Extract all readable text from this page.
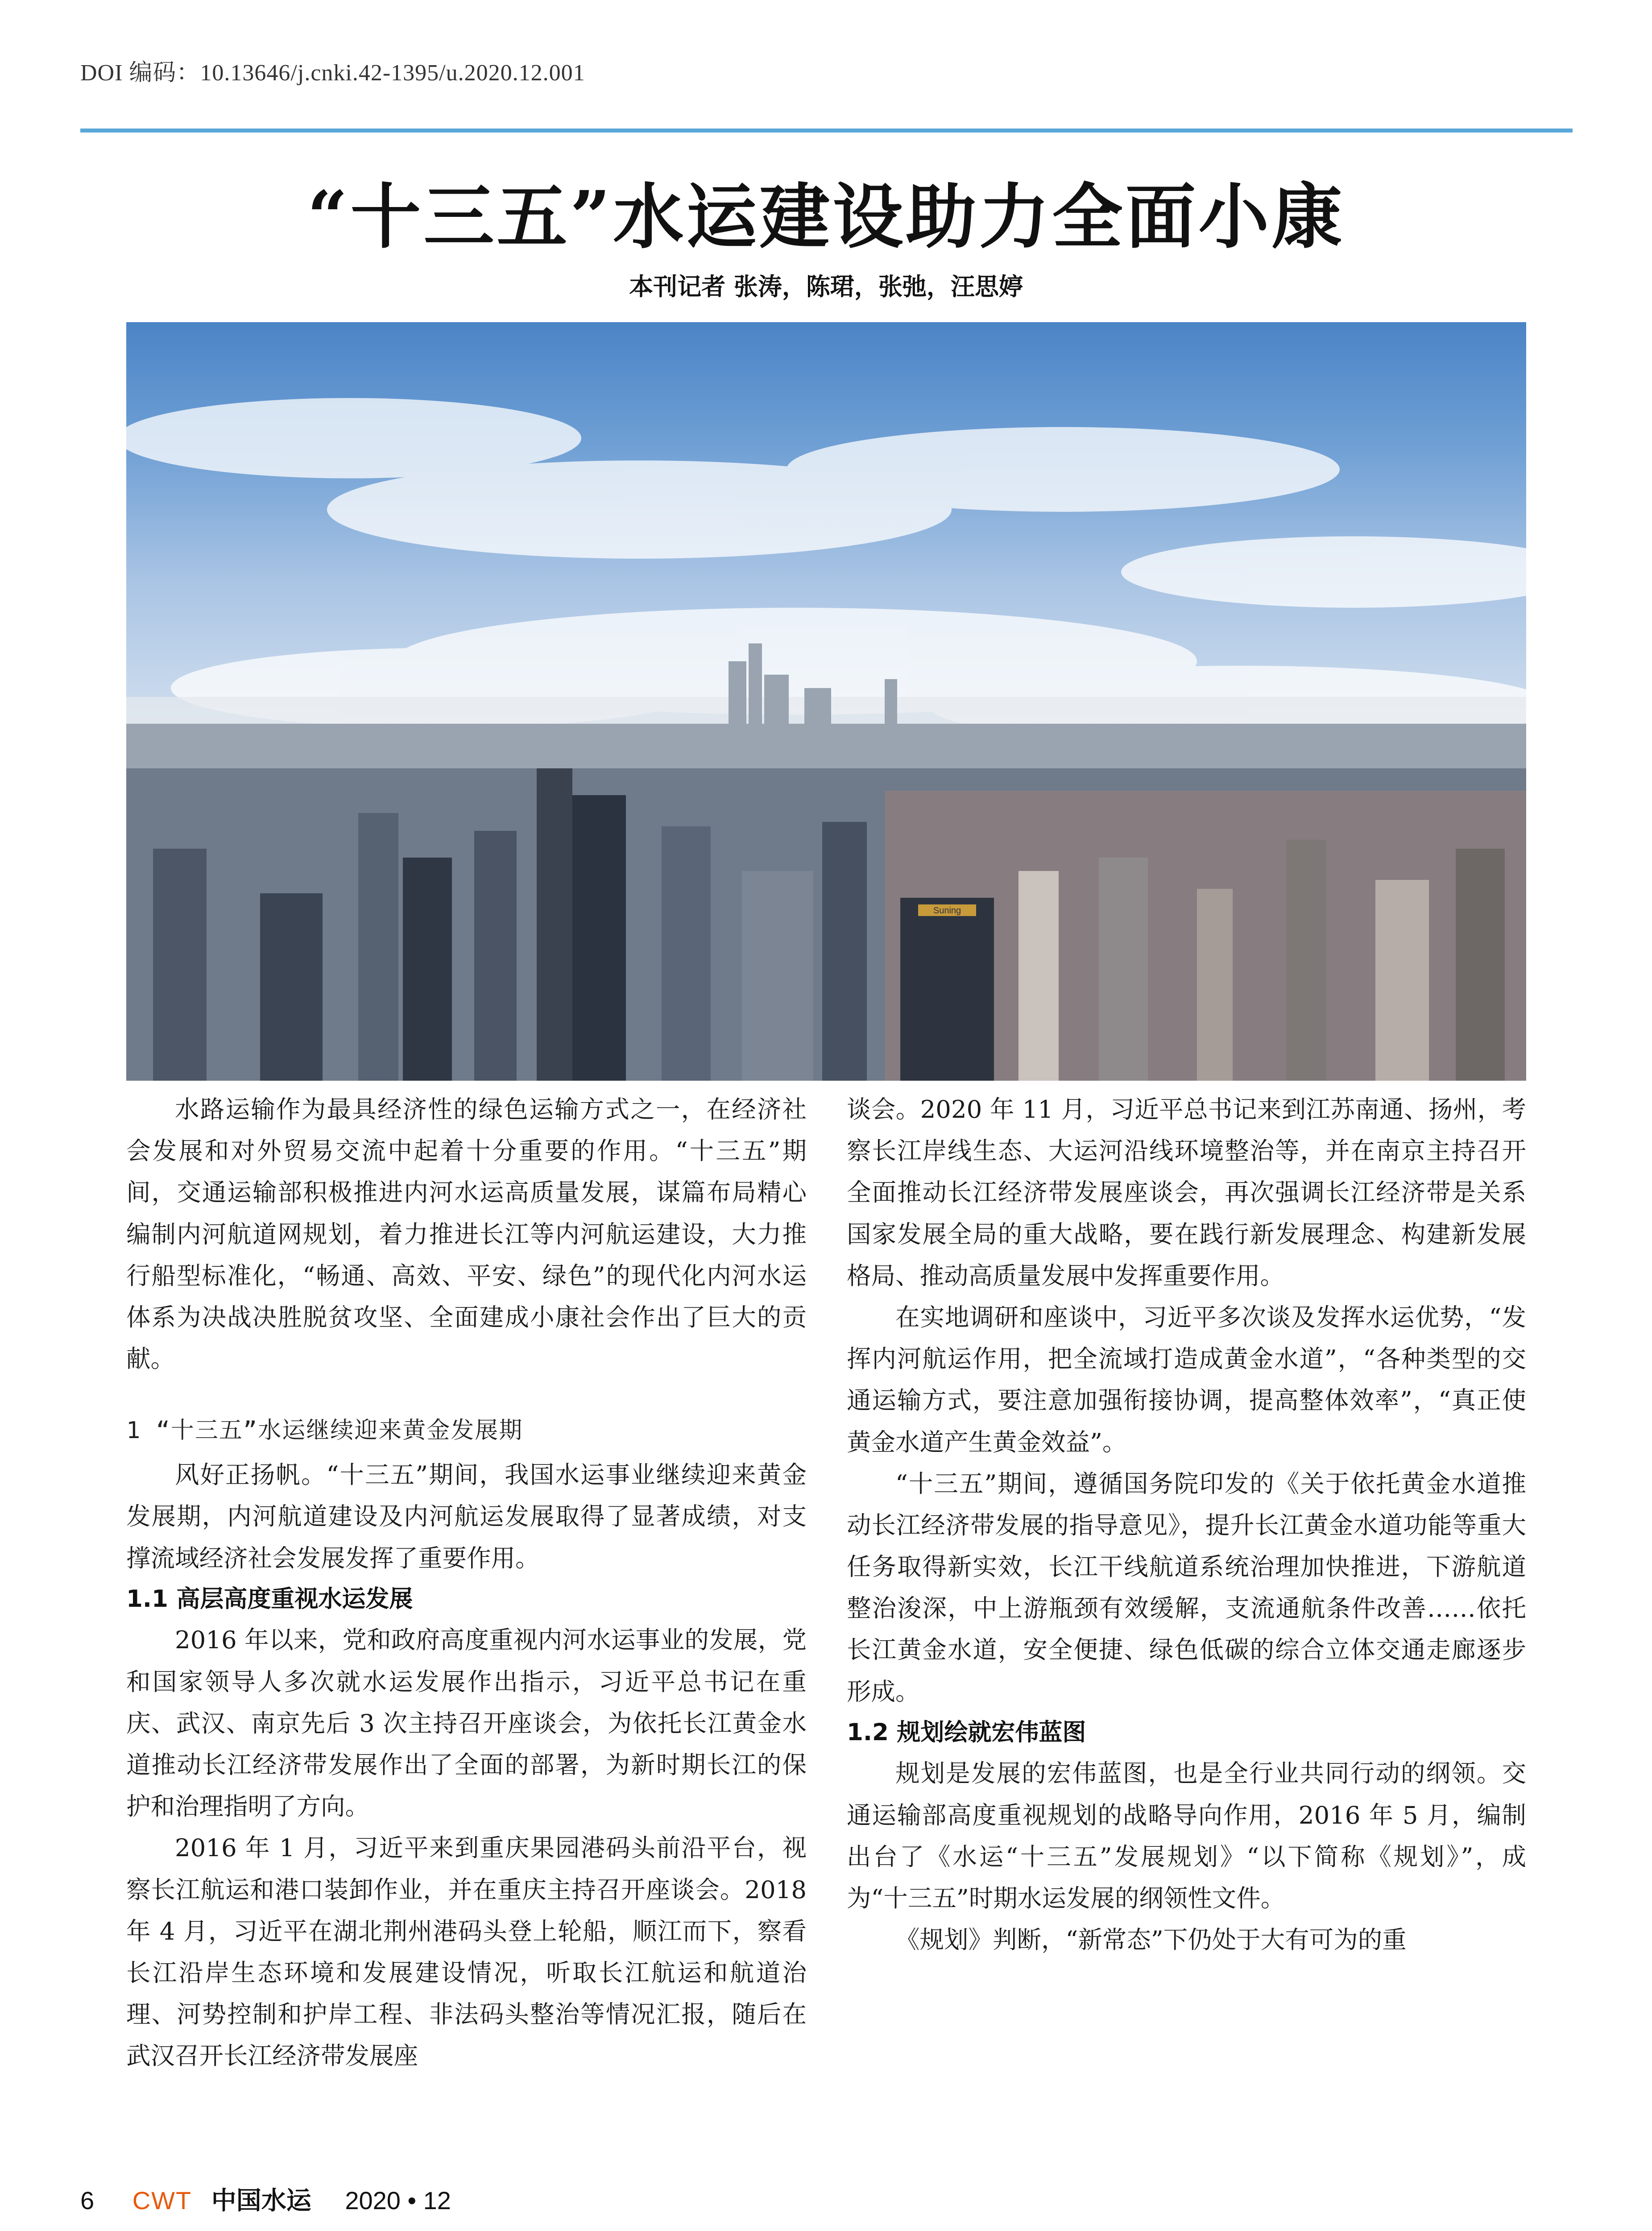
DOI 编码：10.13646/j.cnki.42-1395/u.2020.12.001
“十三五”水运建设助力全面小康
本刊记者 张涛，陈珺，张弛，汪思婷
Suning

水路运输作为最具经济性的绿色运输方式之一，在经济社会发展和对外贸易交流中起着十分重要的作用。“十三五”期间，交通运输部积极推进内河水运高质量发展，谋篇布局精心编制内河航道网规划，着力推进长江等内河航运建设，大力推行船型标准化，“畅通、高效、平安、绿色”的现代化内河水运体系为决战决胜脱贫攻坚、全面建成小康社会作出了巨大的贡献。

1 “十三五”水运继续迎来黄金发展期

风好正扬帆。“十三五”期间，我国水运事业继续迎来黄金发展期，内河航道建设及内河航运发展取得了显著成绩，对支撑流域经济社会发展发挥了重要作用。

1.1 高层高度重视水运发展

2016 年以来，党和政府高度重视内河水运事业的发展，党和国家领导人多次就水运发展作出指示，习近平总书记在重庆、武汉、南京先后 3 次主持召开座谈会，为依托长江黄金水道推动长江经济带发展作出了全面的部署，为新时期长江的保护和治理指明了方向。

2016 年 1 月，习近平来到重庆果园港码头前沿平台，视察长江航运和港口装卸作业，并在重庆主持召开座谈会。2018 年 4 月，习近平在湖北荆州港码头登上轮船，顺江而下，察看长江沿岸生态环境和发展建设情况，听取长江航运和航道治理、河势控制和护岸工程、非法码头整治等情况汇报，随后在武汉召开长江经济带发展座

谈会。2020 年 11 月，习近平总书记来到江苏南通、扬州，考察长江岸线生态、大运河沿线环境整治等，并在南京主持召开全面推动长江经济带发展座谈会，再次强调长江经济带是关系国家发展全局的重大战略，要在践行新发展理念、构建新发展格局、推动高质量发展中发挥重要作用。

在实地调研和座谈中，习近平多次谈及发挥水运优势，“发挥内河航运作用，把全流域打造成黄金水道”，“各种类型的交通运输方式，要注意加强衔接协调，提高整体效率”，“真正使黄金水道产生黄金效益”。

“十三五”期间，遵循国务院印发的《关于依托黄金水道推动长江经济带发展的指导意见》，提升长江黄金水道功能等重大任务取得新实效，长江干线航道系统治理加快推进，下游航道整治浚深，中上游瓶颈有效缓解，支流通航条件改善……依托长江黄金水道，安全便捷、绿色低碳的综合立体交通走廊逐步形成。

1.2 规划绘就宏伟蓝图

规划是发展的宏伟蓝图，也是全行业共同行动的纲领。交通运输部高度重视规划的战略导向作用，2016 年 5 月，编制出台了《水运“十三五”发展规划》“以下简称《规划》”，成为“十三五”时期水运发展的纲领性文件。

《规划》判断，“新常态”下仍处于大有可为的重

6 CWT 中国水运 2020 • 12
